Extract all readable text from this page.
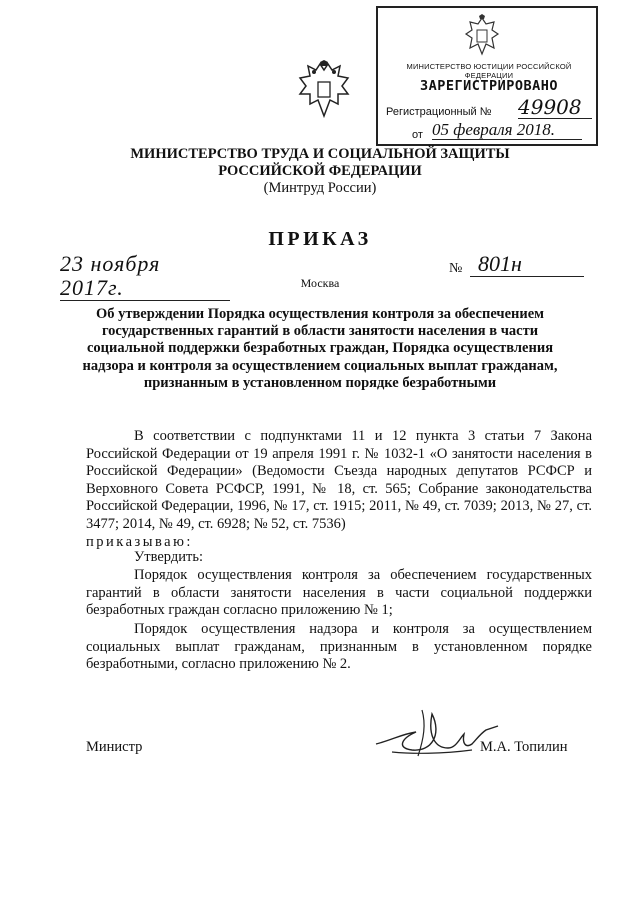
МИНИСТЕРСТВО ЮСТИЦИИ РОССИЙСКОЙ ФЕДЕРАЦИИ
ЗАРЕГИСТРИРОВАНО
Регистрационный № 49908
от 05 февраля 2018.
МИНИСТЕРСТВО ТРУДА И СОЦИАЛЬНОЙ ЗАЩИТЫ
РОССИЙСКОЙ ФЕДЕРАЦИИ
(Минтруд России)
ПРИКАЗ
23 ноября 2017г.	Москва
№ 801н
Об утверждении Порядка осуществления контроля за обеспечением государственных гарантий в области занятости населения в части социальной поддержки безработных граждан, Порядка осуществления надзора и контроля за осуществлением социальных выплат гражданам, признанным в установленном порядке безработными
В соответствии с подпунктами 11 и 12 пункта 3 статьи 7 Закона Российской Федерации от 19 апреля 1991 г. № 1032-1 «О занятости населения в Российской Федерации» (Ведомости Съезда народных депутатов РСФСР и Верховного Совета РСФСР, 1991, № 18, ст. 565; Собрание законодательства Российской Федерации, 1996, № 17, ст. 1915; 2011, № 49, ст. 7039; 2013, № 27, ст. 3477; 2014, № 49, ст. 6928; № 52, ст. 7536)
приказываю:
Утвердить:
Порядок осуществления контроля за обеспечением государственных гарантий в области занятости населения в части социальной поддержки безработных граждан согласно приложению № 1;
Порядок осуществления надзора и контроля за осуществлением социальных выплат гражданам, признанным в установленном порядке безработными, согласно приложению № 2.
Министр	М.А. Топилин
